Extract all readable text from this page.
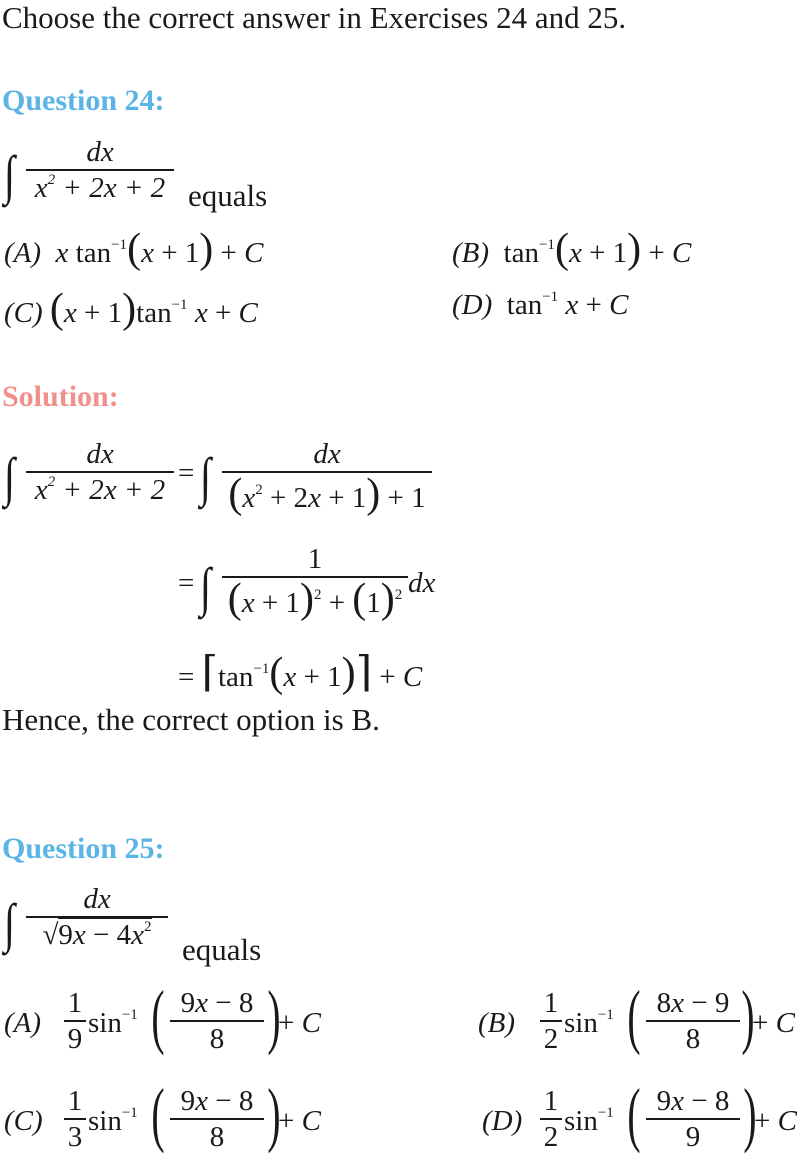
Choose the correct answer in Exercises 24 and 25.
Question 24:
∫	dx
$x^2 + 2x + 2$ equals
(A) x $\tan^{-1}(x + 1) + C$	(B)  $\tan^{-1}(x + 1) + C$
(C) $(x + 1)\tan^{-1}$ x + C	(D)  $\tan^{-1} x + C$
Solution:
∫	dx
$x^2 + 2x + 2$
= ∫	dx
$(x^2 + 2x + 1) + 1$
= ∫	1
$(x + 1)^2 + (1)^2$ dx
= $⌈\tan^{-1}(x$ + 1)⌉ + C
Hence, the correct option is B.
Question 25:
∫	dx
$√9x - 4x^2$
equals
(A)
1
9 $\sin^{-1}$ ( 9x − 8
8 )
+ C	(B)
1
2 $\sin^{-1}$ ( 8x − 9
8 )
+ C
(C)
1
3 $\sin^{-1}$ ( 9x − 8
8 )
+ C	(D)
1
2 $\sin^{-1}$ ( 9x − 8
9 )
+ C
